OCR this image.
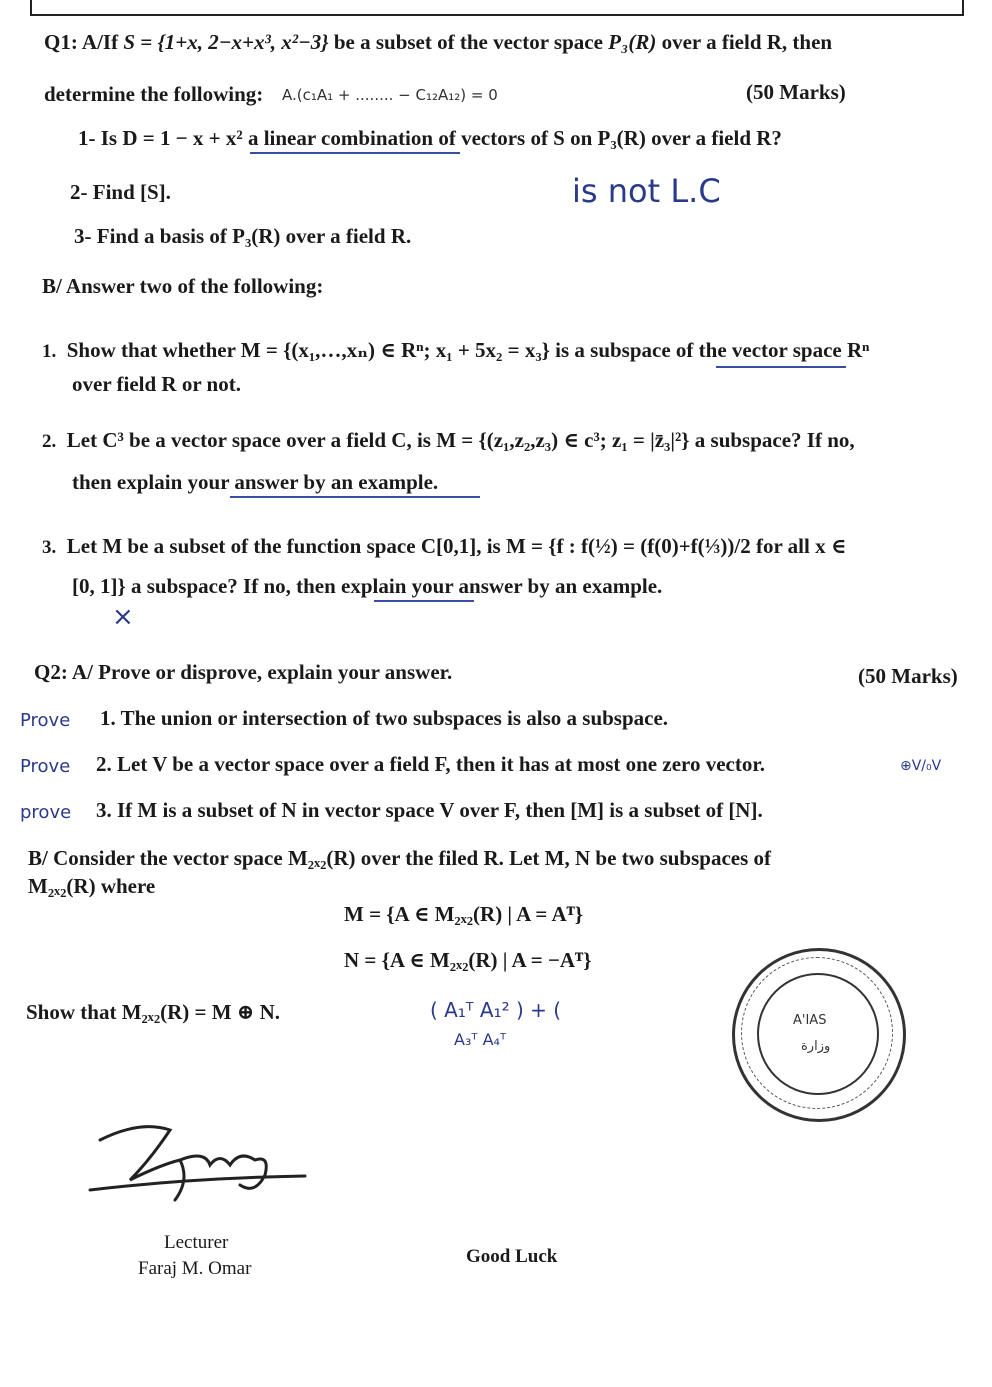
Q1: A/If S = {1+x, 2−x+x³, x²−3} be a subset of the vector space P₃(R) over a field R, then
determine the following: A.(c₁A₁ + ........ − C₁₂A₁₂) = 0	(50 Marks)
1- Is D = 1 − x + x² a linear combination of vectors of S on P₃(R) over a field R?
2- Find [S].	is not L.C
3- Find a basis of P₃(R) over a field R.
B/ Answer two of the following:
1. Show that whether M = {(x₁,…,xₙ) ∈ Rⁿ; x₁ + 5x₂ = x₃} is a subspace of the vector space Rⁿ
over field R or not.
2. Let C³ be a vector space over a field C, is M = {(z₁,z₂,z₃) ∈ c³; z₁ = |z̄₃|²} a subspace? If no,
then explain your answer by an example.
3. Let M be a subset of the function space C[0,1], is M = {f : f(½) = (f(0)+f(⅓))/2 for all x ∈
[0, 1]} a subspace? If no, then explain your answer by an example.
×
Q2: A/ Prove or disprove, explain your answer.	(50 Marks)
Prove 1. The union or intersection of two subspaces is also a subspace.
Prove 2. Let V be a vector space over a field F, then it has at most one zero vector.	⊕V/₀V
prove 3. If M is a subset of N in vector space V over F, then [M] is a subset of [N].
B/ Consider the vector space M₂ₓ₂(R) over the filed R. Let M, N be two subspaces of
M₂ₓ₂(R) where
M = {A ∈ M₂ₓ₂(R) | A = Aᵀ}
N = {A ∈ M₂ₓ₂(R) | A = −Aᵀ}
Show that M₂ₓ₂(R) = M ⊕ N.	( A₁ᵀ A₁² ) + (
A₃ᵀ A₄ᵀ
A'IAS
وزارة
Lecturer
Faraj M. Omar
Good Luck
